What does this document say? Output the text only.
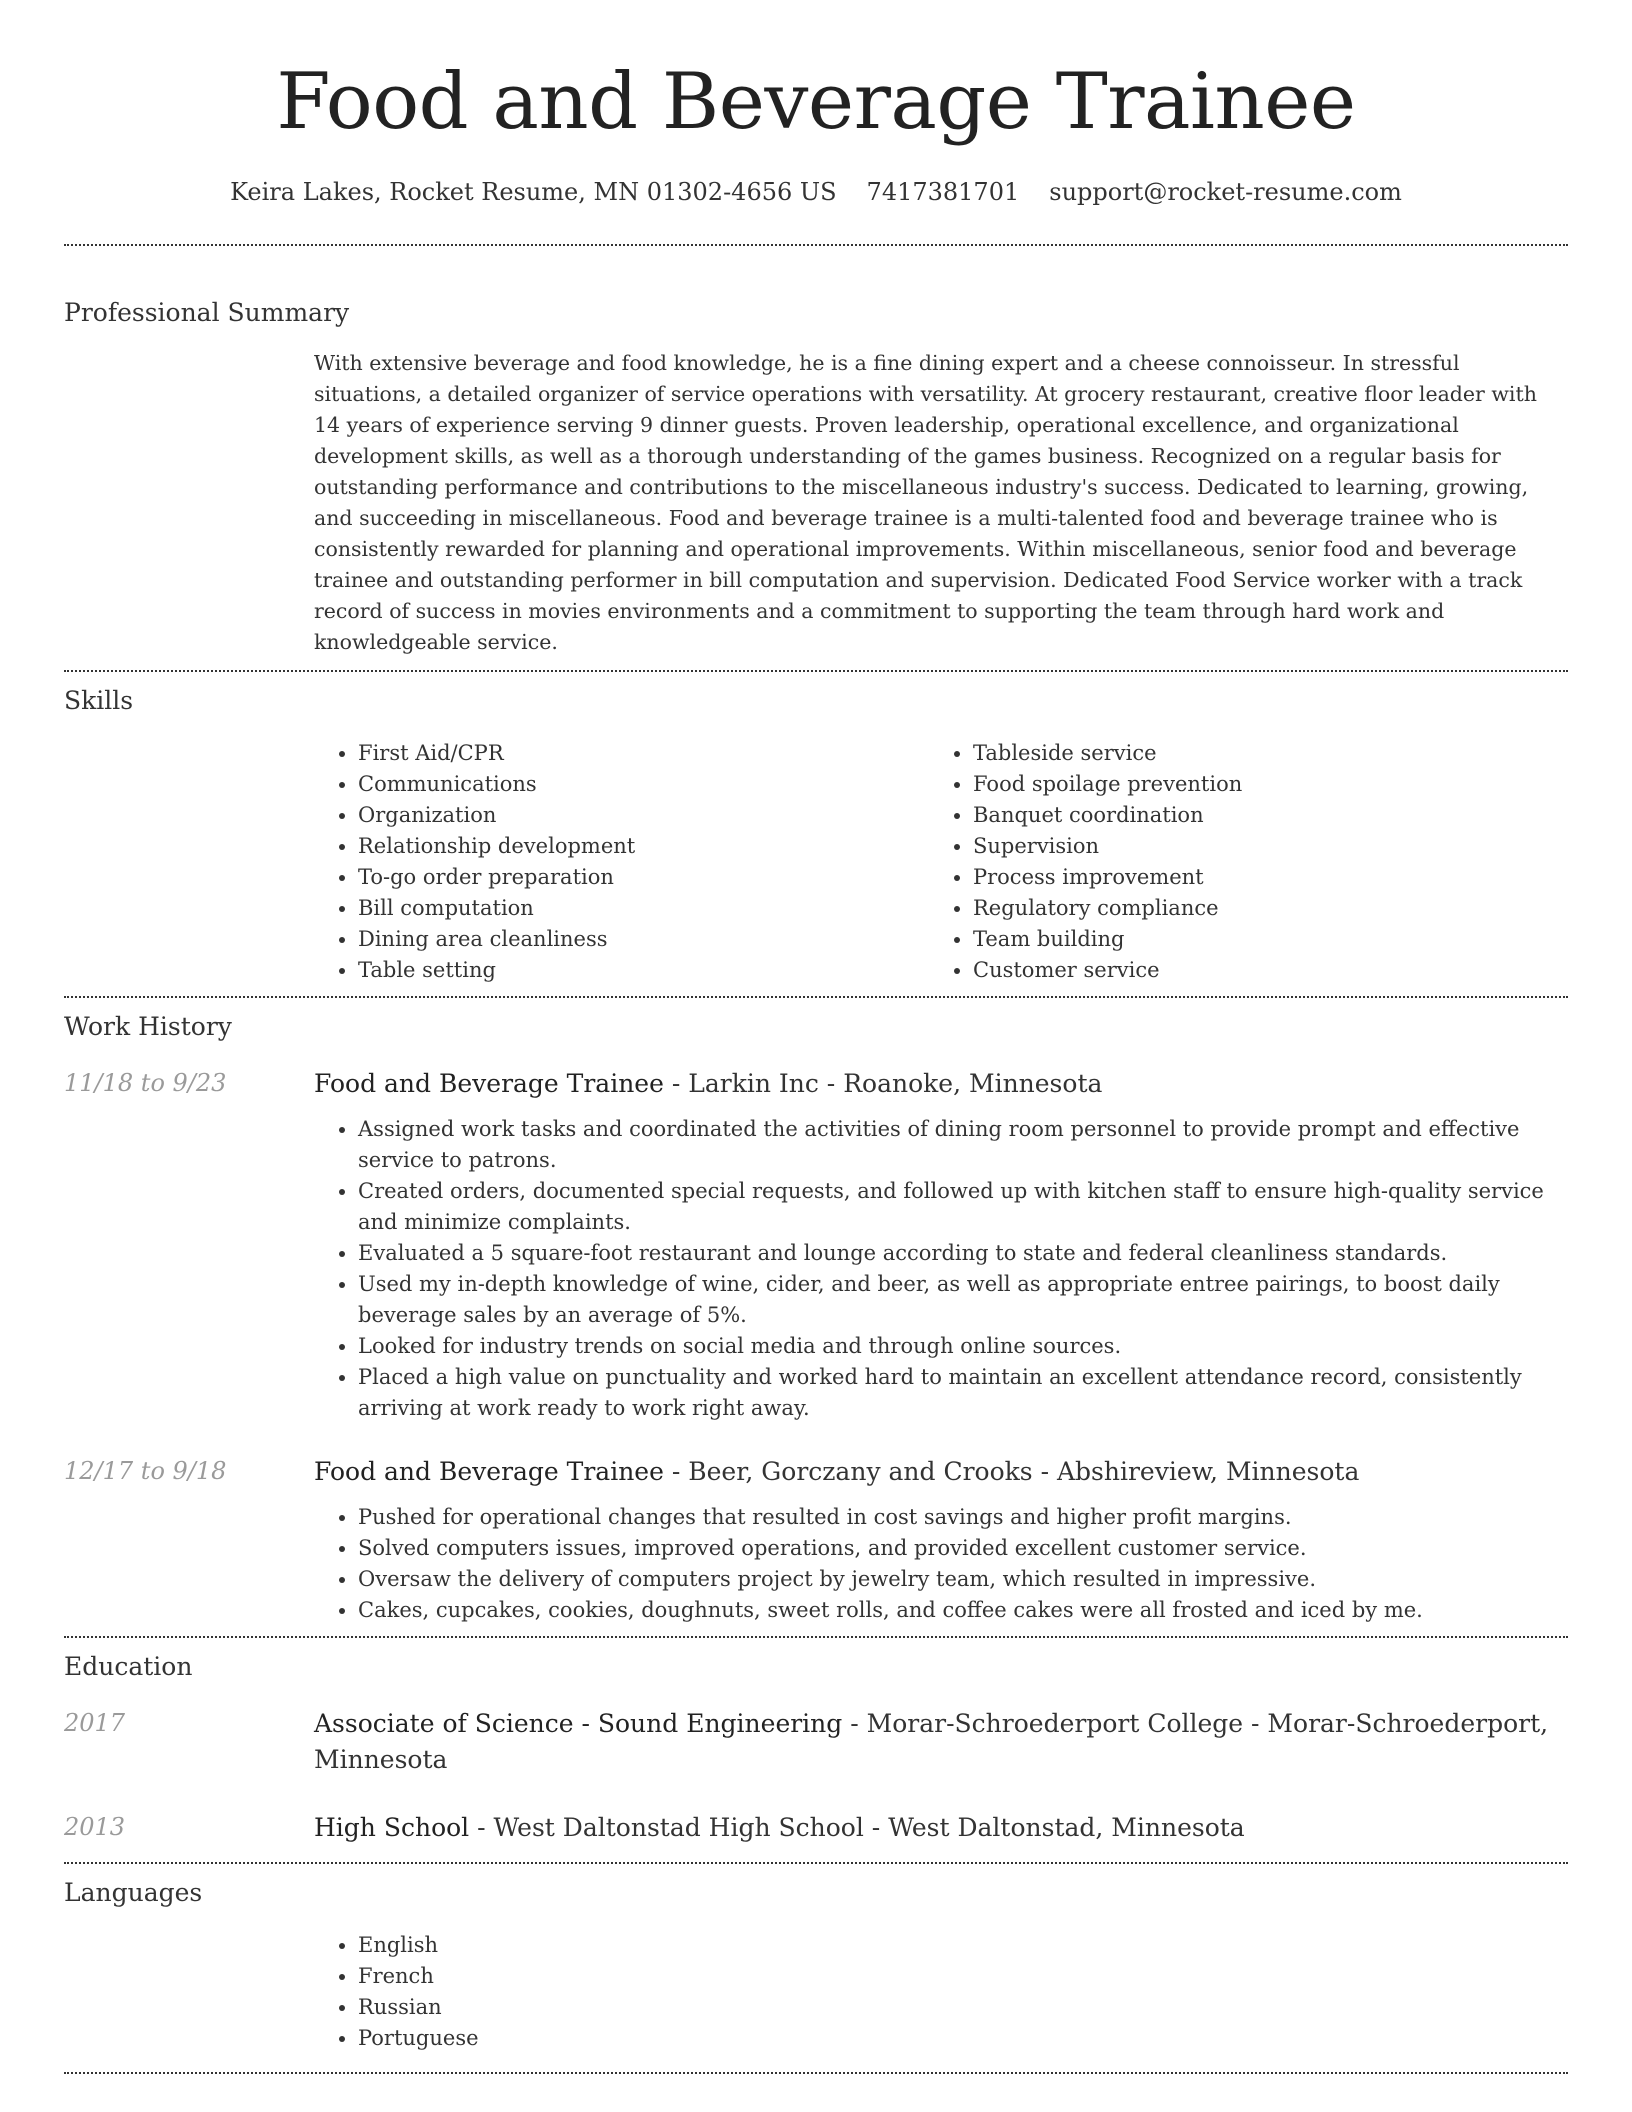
Food and Beverage Trainee
Keira Lakes, Rocket Resume, MN 01302-4656 US 7417381701 support@rocket-resume.com
Professional Summary

With extensive beverage and food knowledge, he is a fine dining expert and a cheese connoisseur. In stressful situations, a detailed organizer of service operations with versatility. At grocery restaurant, creative floor leader with 14 years of experience serving 9 dinner guests. Proven leadership, operational excellence, and organizational development skills, as well as a thorough understanding of the games business. Recognized on a regular basis for outstanding performance and contributions to the miscellaneous industry's success. Dedicated to learning, growing, and succeeding in miscellaneous. Food and beverage trainee is a multi-talented food and beverage trainee who is consistently rewarded for planning and operational improvements. Within miscellaneous, senior food and beverage trainee and outstanding performer in bill computation and supervision. Dedicated Food Service worker with a track record of success in movies environments and a commitment to supporting the team through hard work and knowledgeable service.

Skills
• First Aid/CPR
• Communications
• Organization
• Relationship development
• To-go order preparation
• Bill computation
• Dining area cleanliness
• Table setting
• Tableside service
• Food spoilage prevention
• Banquet coordination
• Supervision
• Process improvement
• Regulatory compliance
• Team building
• Customer service
Work History
11/18 to 9/23	Food and Beverage Trainee - Larkin Inc - Roanoke, Minnesota
• Assigned work tasks and coordinated the activities of dining room personnel to provide prompt and effective service to patrons.
• Created orders, documented special requests, and followed up with kitchen staff to ensure high-quality service and minimize complaints.
• Evaluated a 5 square-foot restaurant and lounge according to state and federal cleanliness standards.
• Used my in-depth knowledge of wine, cider, and beer, as well as appropriate entree pairings, to boost daily beverage sales by an average of 5%.
• Looked for industry trends on social media and through online sources.
• Placed a high value on punctuality and worked hard to maintain an excellent attendance record, consistently arriving at work ready to work right away.
12/17 to 9/18	Food and Beverage Trainee - Beer, Gorczany and Crooks - Abshireview, Minnesota
• Pushed for operational changes that resulted in cost savings and higher profit margins.
• Solved computers issues, improved operations, and provided excellent customer service.
• Oversaw the delivery of computers project by jewelry team, which resulted in impressive.
• Cakes, cupcakes, cookies, doughnuts, sweet rolls, and coffee cakes were all frosted and iced by me.
Education
2017	Associate of Science - Sound Engineering - Morar-Schroederport College - Morar-Schroederport, Minnesota
2013	High School - West Daltonstad High School - West Daltonstad, Minnesota
Languages
• English
• French
• Russian
• Portuguese
